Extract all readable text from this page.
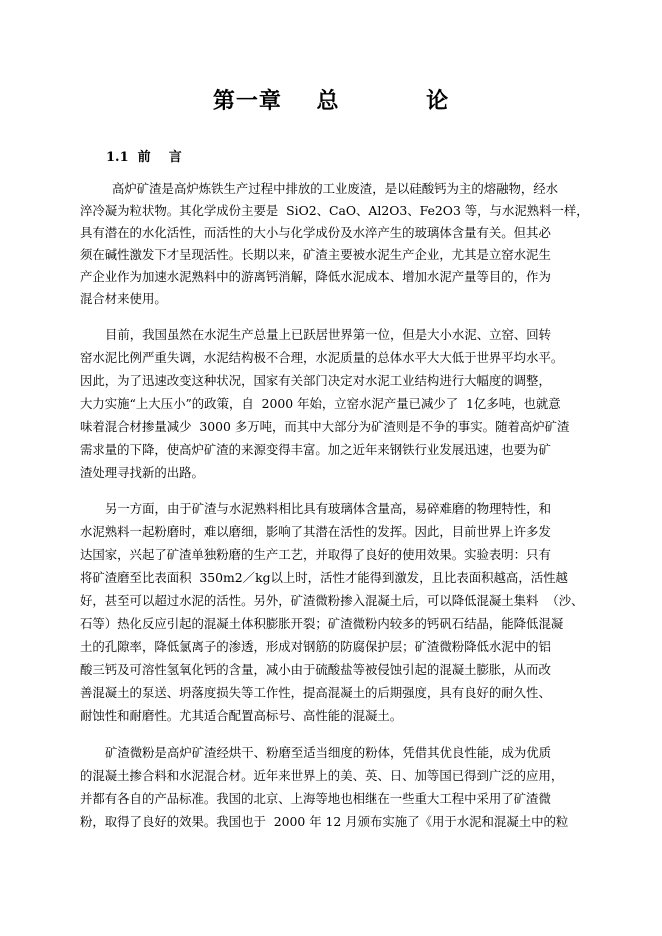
第一章    总          论
1.1  前    言
高炉矿渣是高炉炼铁生产过程中排放的工业废渣，是以硅酸钙为主的熔融物，经水
淬冷凝为粒状物。其化学成份主要是  SiO2、CaO、Al2O3、Fe2O3 等，与水泥熟料一样，
具有潜在的水化活性，而活性的大小与化学成份及水淬产生的玻璃体含量有关。但其必
须在碱性激发下才呈现活性。长期以来，矿渣主要被水泥生产企业，尤其是立窑水泥生
产企业作为加速水泥熟料中的游离钙消解，降低水泥成本、增加水泥产量等目的，作为
混合材来使用。
目前，我国虽然在水泥生产总量上已跃居世界第一位，但是大小水泥、立窑、回转
窑水泥比例严重失调，水泥结构极不合理，水泥质量的总体水平大大低于世界平均水平。
因此，为了迅速改变这种状况，国家有关部门决定对水泥工业结构进行大幅度的调整，
大力实施“上大压小”的政策，自  2000 年始，立窑水泥产量已减少了  1亿多吨，也就意
味着混合材掺量减少  3000 多万吨，而其中大部分为矿渣则是不争的事实。随着高炉矿渣
需求量的下降，使高炉矿渣的来源变得丰富。加之近年来钢铁行业发展迅速，也要为矿
渣处理寻找新的出路。
另一方面，由于矿渣与水泥熟料相比具有玻璃体含量高，易碎难磨的物理特性，和
水泥熟料一起粉磨时，难以磨细，影响了其潜在活性的发挥。因此，目前世界上许多发
达国家，兴起了矿渣单独粉磨的生产工艺，并取得了良好的使用效果。实验表明：只有
将矿渣磨至比表面积  350m2／kg以上时，活性才能得到激发，且比表面积越高，活性越
好，甚至可以超过水泥的活性。另外，矿渣微粉掺入混凝土后，可以降低混凝土集料  （沙、
石等）热化反应引起的混凝土体积膨胀开裂；矿渣微粉内较多的钙矾石结晶，能降低混凝
土的孔隙率，降低氯离子的渗透，形成对钢筋的防腐保护层；矿渣微粉降低水泥中的铝
酸三钙及可溶性氢氧化钙的含量，减小由于硫酸盐等被侵蚀引起的混凝土膨胀，从而改
善混凝土的泵送、坍落度损失等工作性，提高混凝土的后期强度，具有良好的耐久性、
耐蚀性和耐磨性。尤其适合配置高标号、高性能的混凝土。
矿渣微粉是高炉矿渣经烘干、粉磨至适当细度的粉体，凭借其优良性能，成为优质
的混凝土掺合料和水泥混合材。近年来世界上的美、英、日、加等国已得到广泛的应用，
并都有各自的产品标准。我国的北京、上海等地也相继在一些重大工程中采用了矿渣微
粉，取得了良好的效果。我国也于  2000 年 12 月颁布实施了《用于水泥和混凝土中的粒
